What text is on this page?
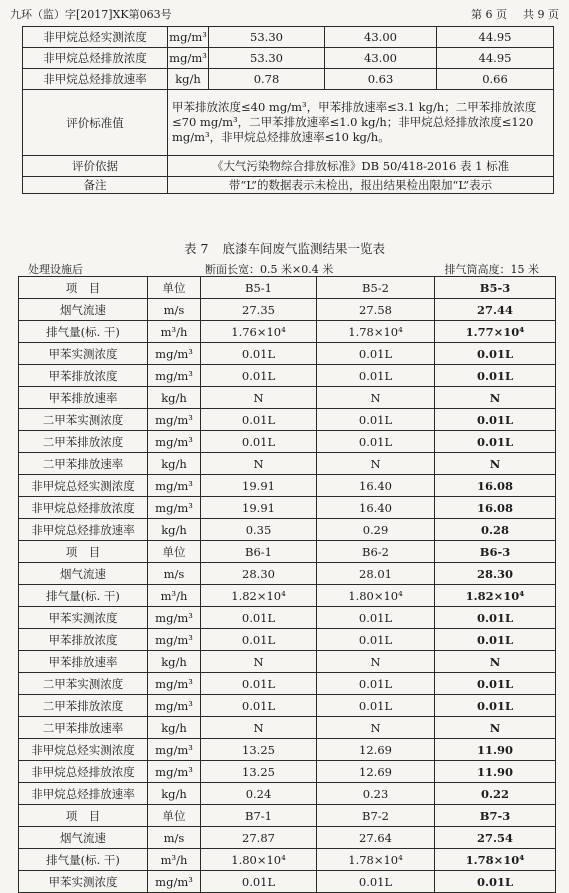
九环（监）字[2017]XK第063号	第 6 页 共 9 页
非甲烷总烃实测浓度	mg/m³	53.30	43.00	44.95
非甲烷总烃排放浓度	mg/m³	53.30	43.00	44.95
非甲烷总烃排放速率	kg/h	0.78	0.63	0.66
评价标准值	甲苯排放浓度≤40 mg/m³，甲苯排放速率≤3.1 kg/h；二甲苯排放浓度≤70 mg/m³，二甲苯排放速率≤1.0 kg/h；非甲烷总烃排放浓度≤120 mg/m³，非甲烷总烃排放速率≤10 kg/h。			
评价依据	《大气污染物综合排放标准》DB 50/418-2016 表 1 标准			
备注	带“L”的数据表示未检出，报出结果检出限加“L”表示			
表 7 底漆车间废气监测结果一览表
处理设施后	断面长宽：0.5 米×0.4 米	排气筒高度：15 米
项　目	单位	B5-1	B5-2	B5-3
烟气流速	m/s	27.35	27.58	27.44
排气量(标. 干)	m³/h	1.76×10⁴	1.78×10⁴	1.77×10⁴
甲苯实测浓度	mg/m³	0.01L	0.01L	0.01L
甲苯排放浓度	mg/m³	0.01L	0.01L	0.01L
甲苯排放速率	kg/h	N	N	N
二甲苯实测浓度	mg/m³	0.01L	0.01L	0.01L
二甲苯排放浓度	mg/m³	0.01L	0.01L	0.01L
二甲苯排放速率	kg/h	N	N	N
非甲烷总烃实测浓度	mg/m³	19.91	16.40	16.08
非甲烷总烃排放浓度	mg/m³	19.91	16.40	16.08
非甲烷总烃排放速率	kg/h	0.35	0.29	0.28
项　目	单位	B6-1	B6-2	B6-3
烟气流速	m/s	28.30	28.01	28.30
排气量(标. 干)	m³/h	1.82×10⁴	1.80×10⁴	1.82×10⁴
甲苯实测浓度	mg/m³	0.01L	0.01L	0.01L
甲苯排放浓度	mg/m³	0.01L	0.01L	0.01L
甲苯排放速率	kg/h	N	N	N
二甲苯实测浓度	mg/m³	0.01L	0.01L	0.01L
二甲苯排放浓度	mg/m³	0.01L	0.01L	0.01L
二甲苯排放速率	kg/h	N	N	N
非甲烷总烃实测浓度	mg/m³	13.25	12.69	11.90
非甲烷总烃排放浓度	mg/m³	13.25	12.69	11.90
非甲烷总烃排放速率	kg/h	0.24	0.23	0.22
项　目	单位	B7-1	B7-2	B7-3
烟气流速	m/s	27.87	27.64	27.54
排气量(标. 干)	m³/h	1.80×10⁴	1.78×10⁴	1.78×10⁴
甲苯实测浓度	mg/m³	0.01L	0.01L	0.01L
